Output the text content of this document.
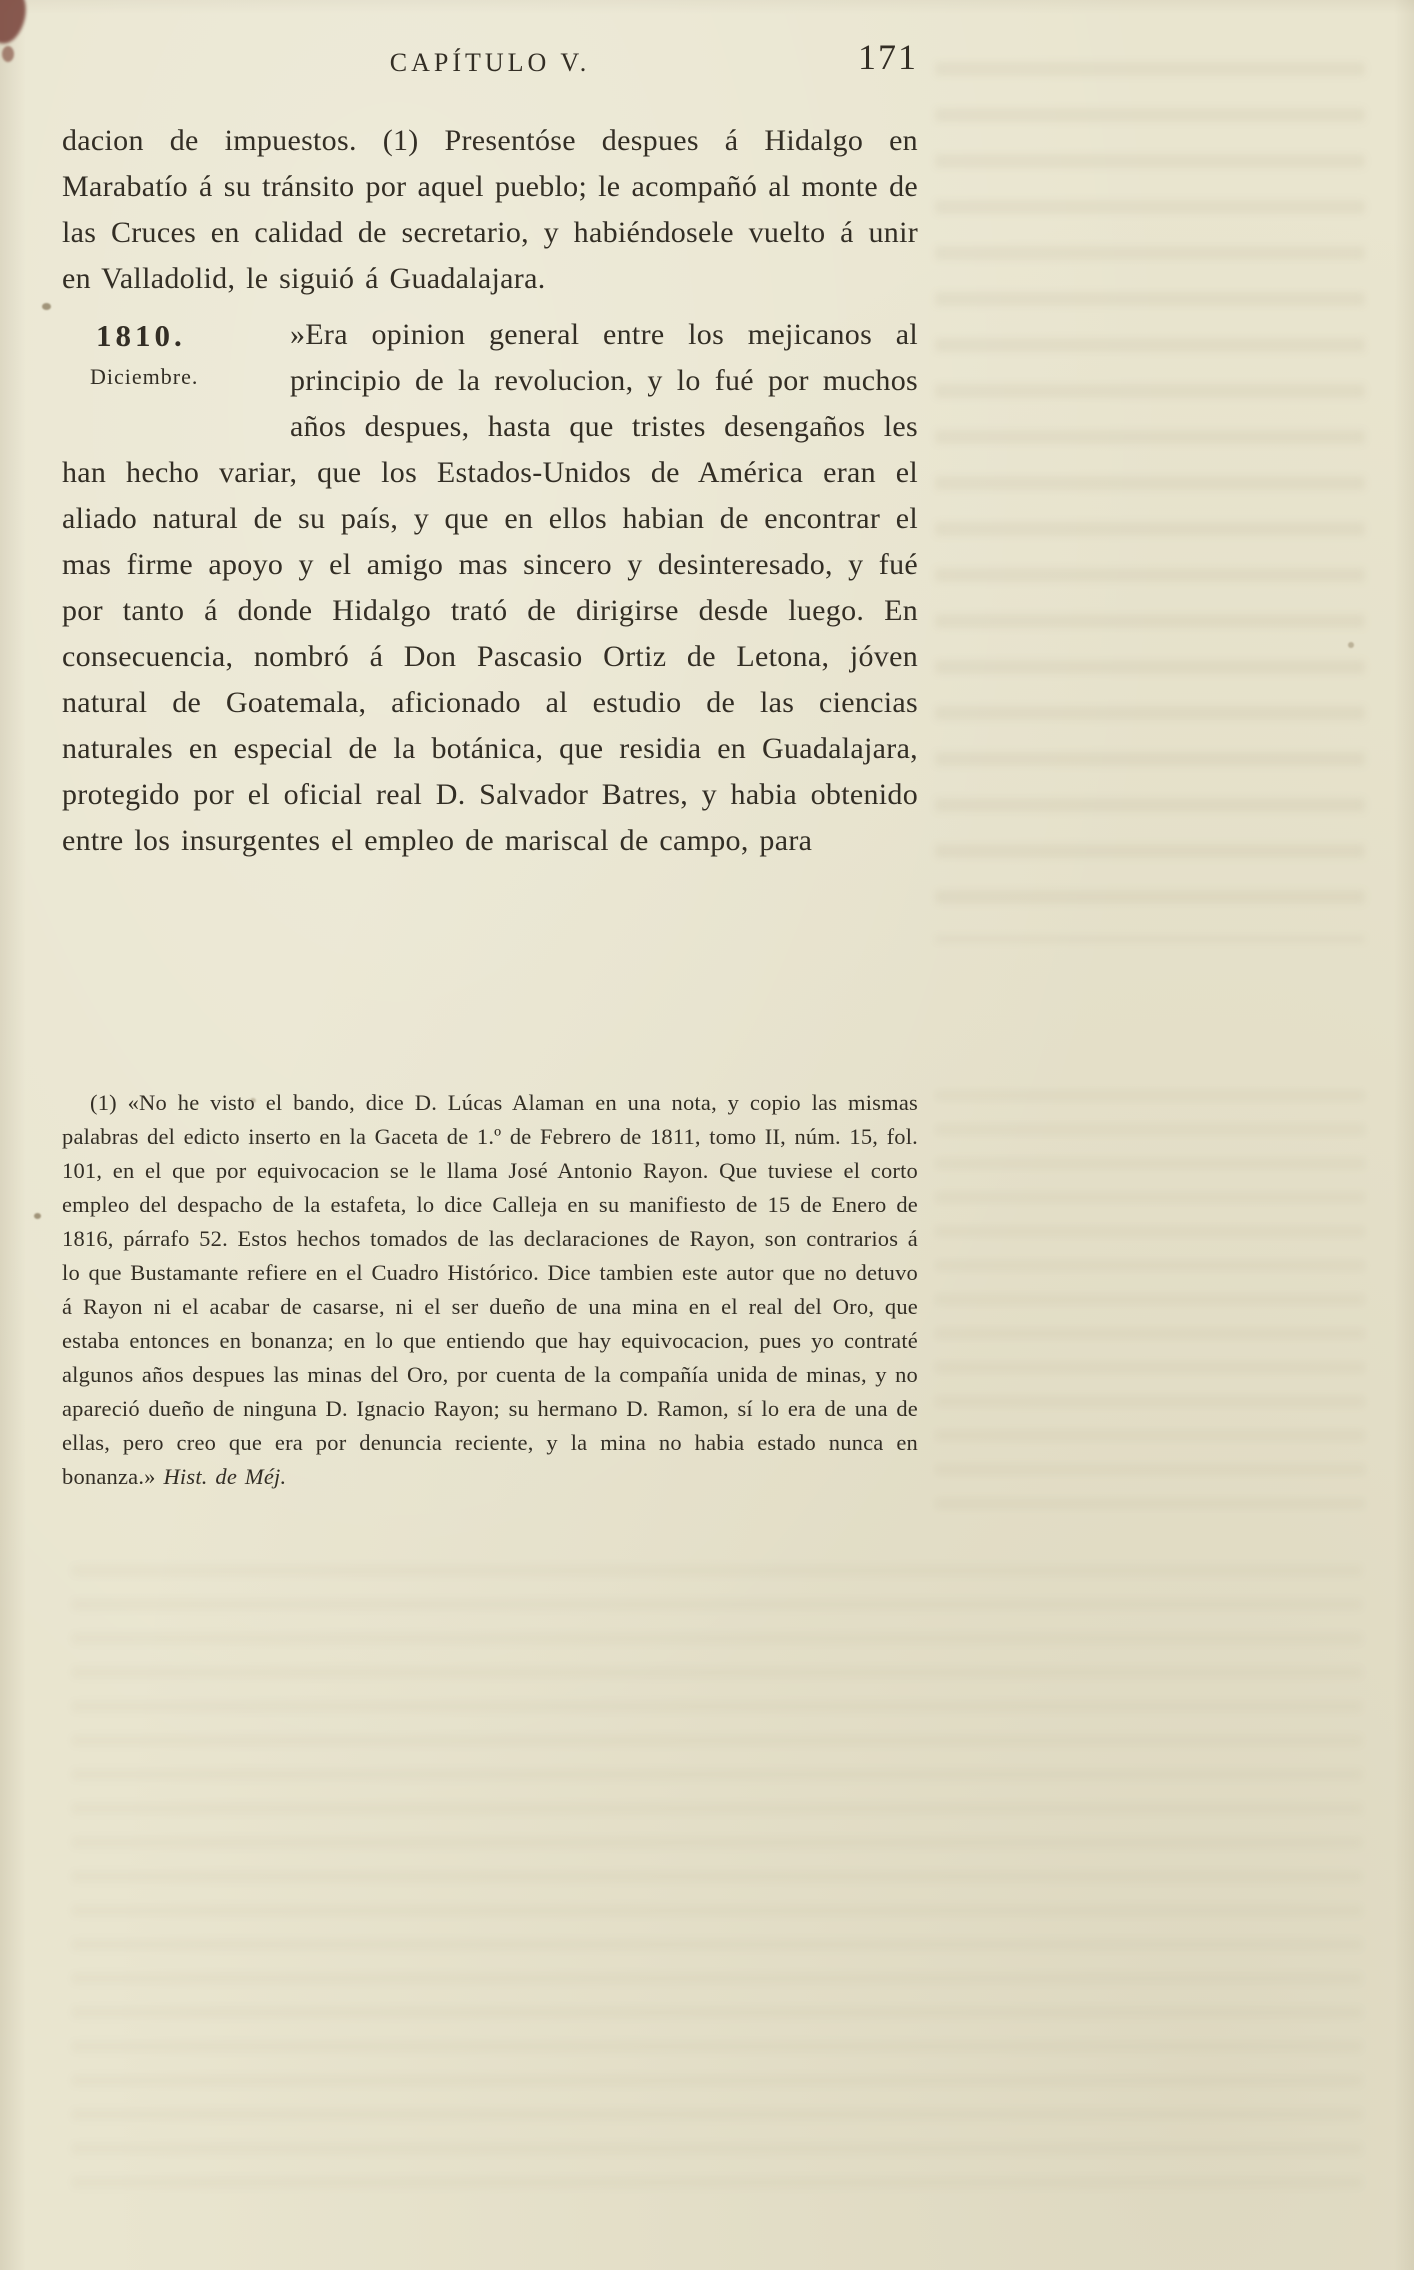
CAPÍTULO V.	171

dacion de impuestos. (1) Presentóse despues á Hidalgo en Marabatío á su tránsito por aquel pueblo; le acompañó al monte de las Cruces en calidad de secretario, y habiéndosele vuelto á unir en Valladolid, le siguió á Guadalajara.

1810.
Diciembre.
»Era opinion general entre los mejicanos al principio de la revolucion, y lo fué por muchos años despues, hasta que tristes desengaños les han hecho variar, que los Estados-Unidos de América eran el aliado natural de su país, y que en ellos habian de encontrar el mas firme apoyo y el amigo mas sincero y desinteresado, y fué por tanto á donde Hidalgo trató de dirigirse desde luego. En consecuencia, nombró á Don Pascasio Ortiz de Letona, jóven natural de Goatemala, aficionado al estudio de las ciencias naturales en especial de la botánica, que residia en Guadalajara, protegido por el oficial real D. Salvador Batres, y habia obtenido entre los insurgentes el empleo de mariscal de campo, para

(1) «No he visto el bando, dice D. Lúcas Alaman en una nota, y copio las mismas palabras del edicto inserto en la Gaceta de 1.º de Febrero de 1811, tomo II, núm. 15, fol. 101, en el que por equivocacion se le llama José Antonio Rayon. Que tuviese el corto empleo del despacho de la estafeta, lo dice Calleja en su manifiesto de 15 de Enero de 1816, párrafo 52. Estos hechos tomados de las declaraciones de Rayon, son contrarios á lo que Bustamante refiere en el Cuadro Histórico. Dice tambien este autor que no detuvo á Rayon ni el acabar de casarse, ni el ser dueño de una mina en el real del Oro, que estaba entonces en bonanza; en lo que entiendo que hay equivocacion, pues yo contraté algunos años despues las minas del Oro, por cuenta de la compañía unida de minas, y no apareció dueño de ninguna D. Ignacio Rayon; su hermano D. Ramon, sí lo era de una de ellas, pero creo que era por denuncia reciente, y la mina no habia estado nunca en bonanza.» Hist. de Méj.
